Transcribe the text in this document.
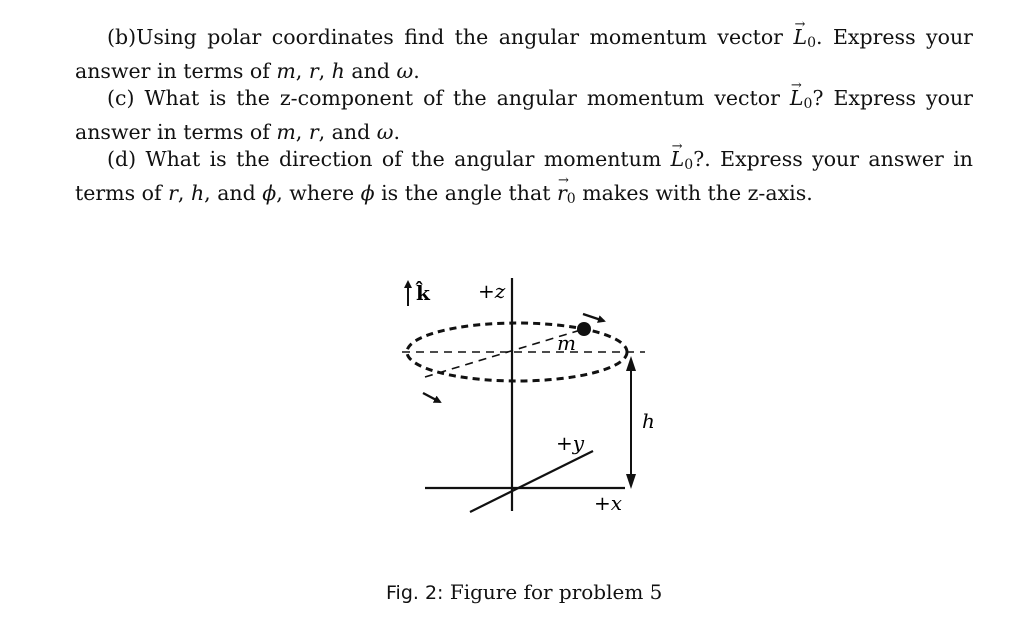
(b)Using polar coordinates find the angular momentum vector → $L_0$. Express your answer in terms of m, r, h and ω.

(c) What is the z-component of the angular momentum vector → $L_0$? Express your answer in terms of m, r, and ω.

(d) What is the direction of the angular momentum → $L_0$?. Express your answer in terms of r, h, and ϕ, where ϕ is the angle that → $r_0$ makes with the z-axis.

k̂ +z
+y
+x
m
h
Fig. 2: Figure for problem 5
